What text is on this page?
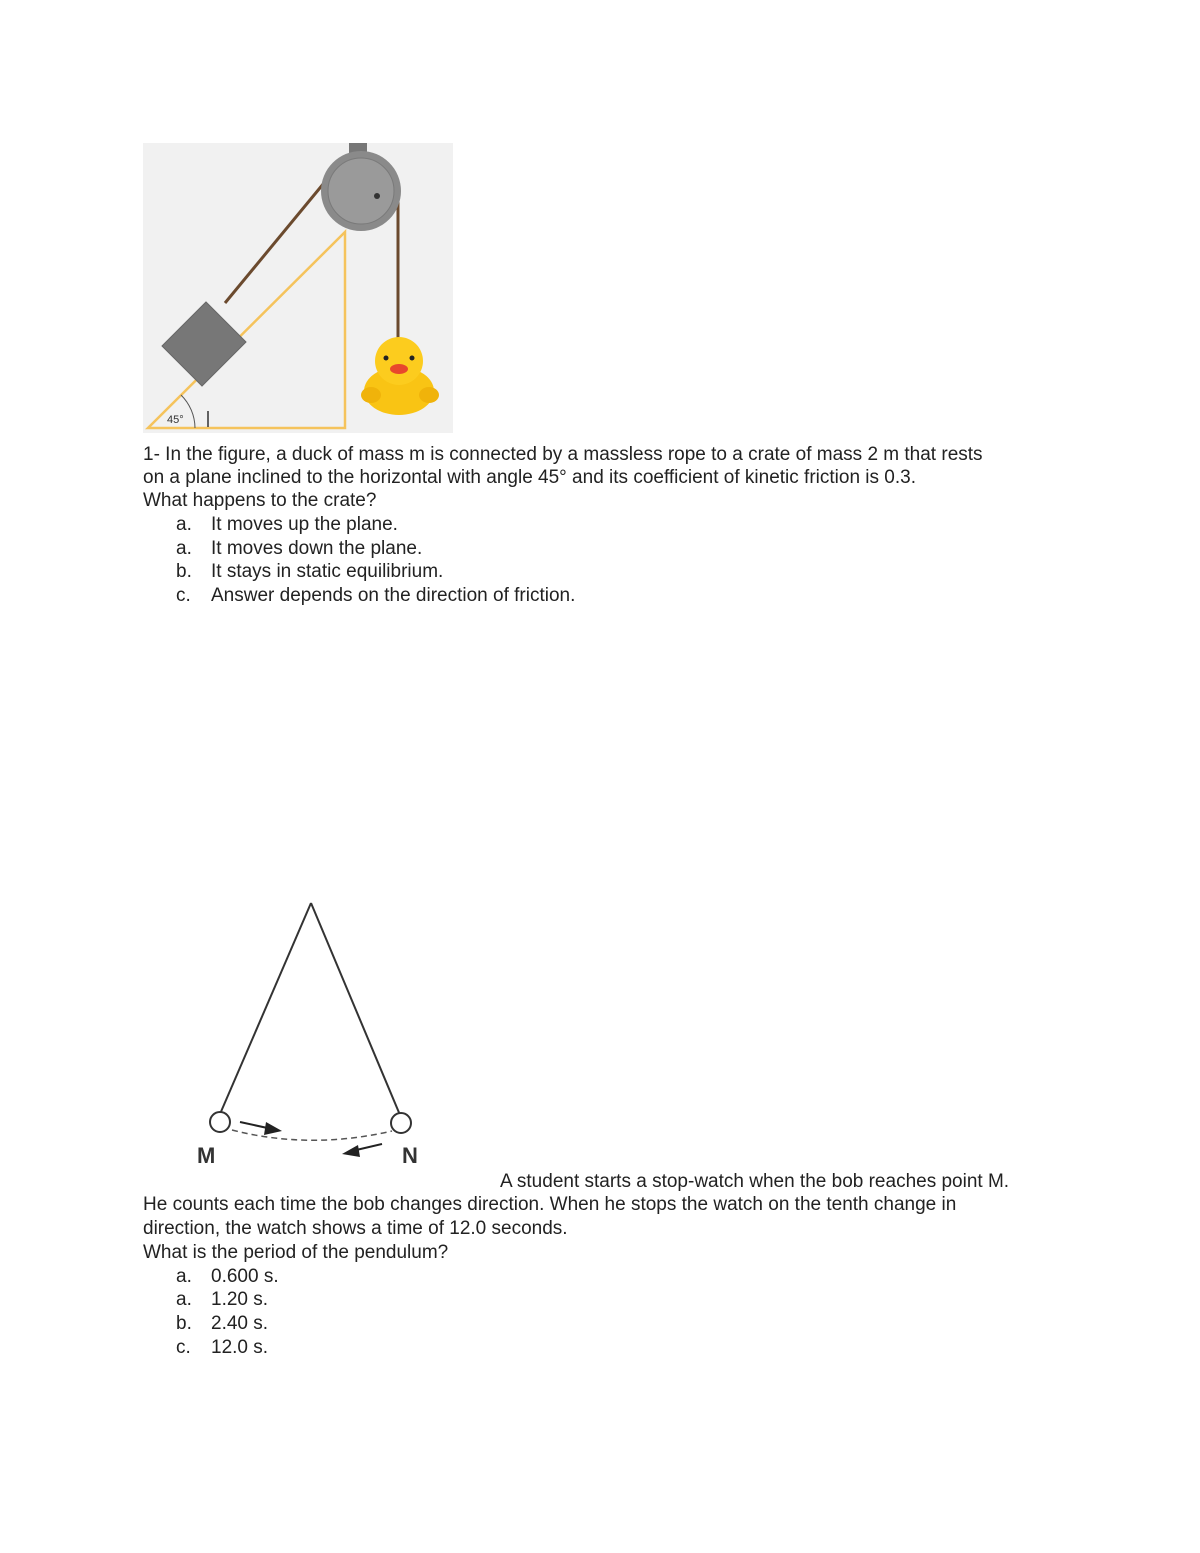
45°
1- In the figure, a duck of mass m is connected by a massless rope to a crate of mass 2 m that rests
on a plane inclined to the horizontal with angle 45° and its coefficient of kinetic friction is 0.3.
What happens to the crate?
a. It moves up the plane.
a. It moves down the plane.
b. It stays in static equilibrium.
c. Answer depends on the direction of friction.
M	N
A student starts a stop-watch when the bob reaches point M.
He counts each time the bob changes direction. When he stops the watch on the tenth change in
direction, the watch shows a time of 12.0 seconds.
What is the period of the pendulum?
a. 0.600 s.
a. 1.20 s.
b. 2.40 s.
c. 12.0 s.
